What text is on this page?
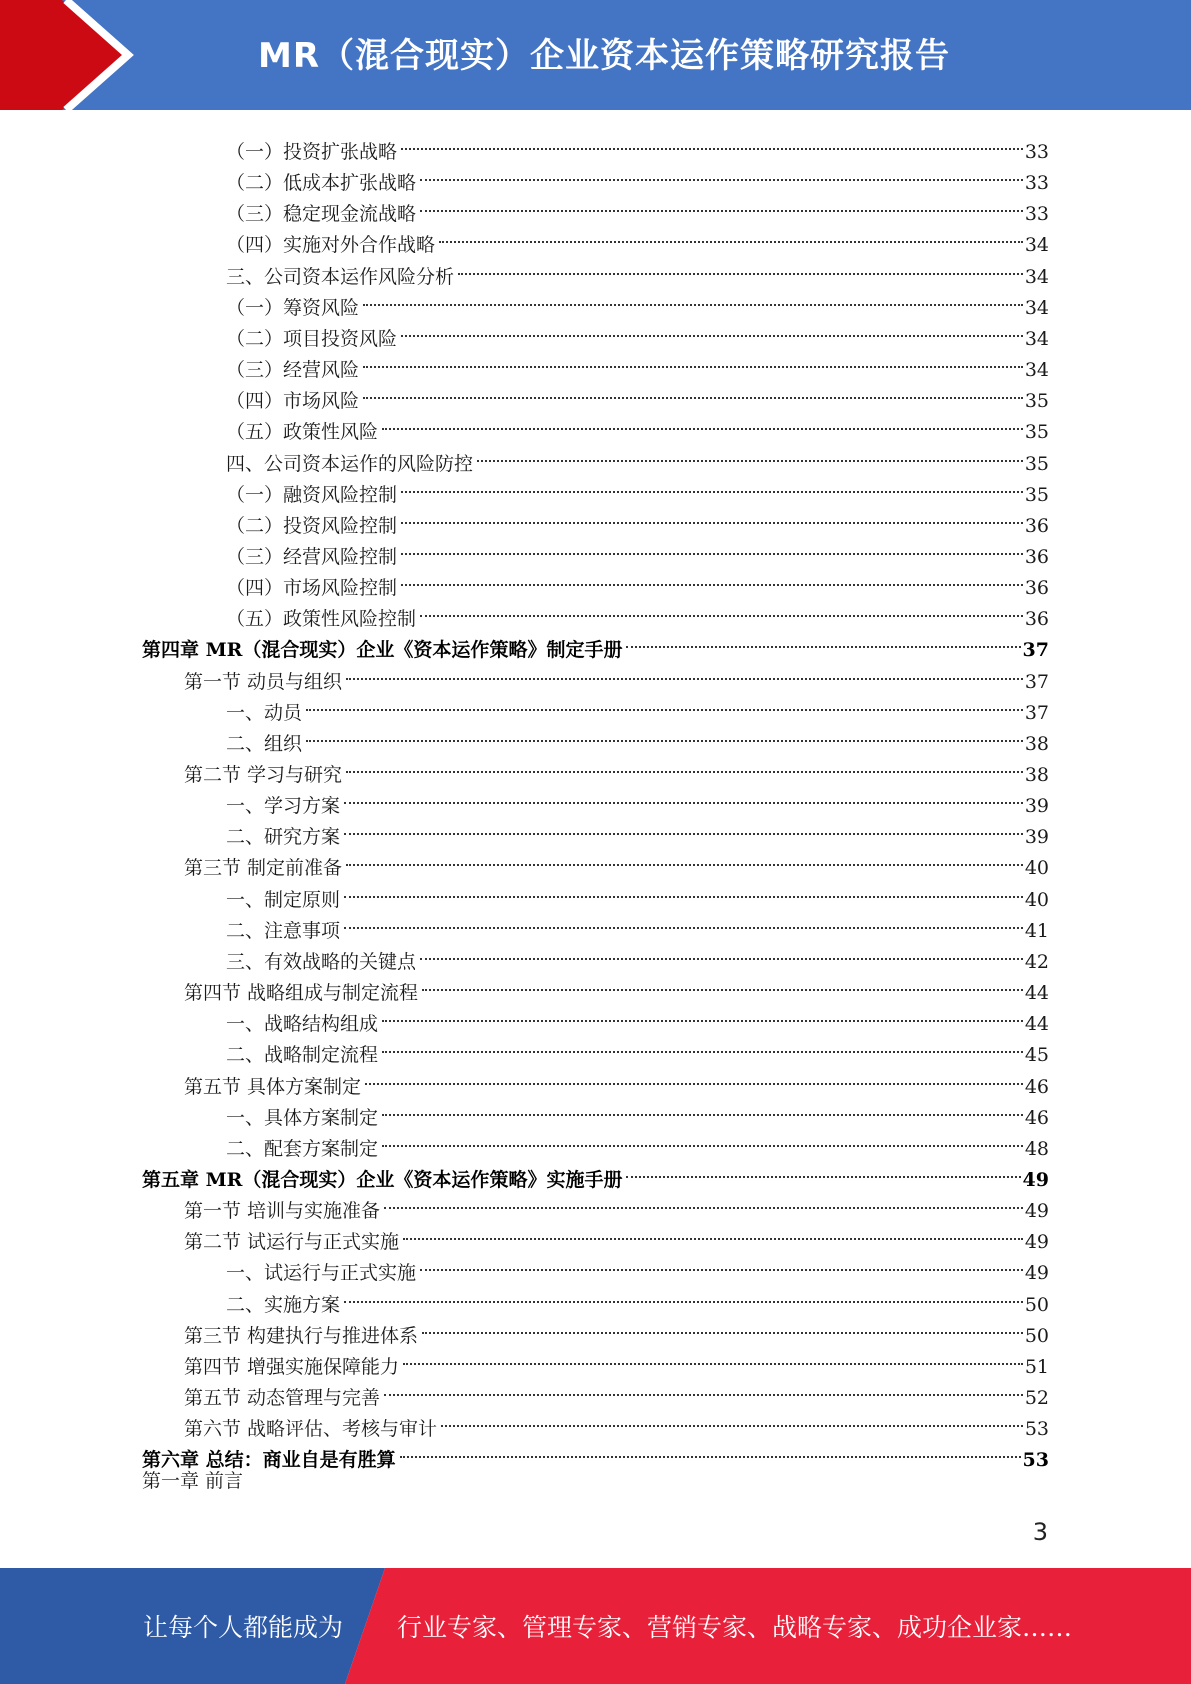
MR（混合现实）企业资本运作策略研究报告
（一）投资扩张战略	33
（二）低成本扩张战略	33
（三）稳定现金流战略	33
（四）实施对外合作战略	34
三、公司资本运作风险分析	34
（一）筹资风险	34
（二）项目投资风险	34
（三）经营风险	34
（四）市场风险	35
（五）政策性风险	35
四、公司资本运作的风险防控	35
（一）融资风险控制	35
（二）投资风险控制	36
（三）经营风险控制	36
（四）市场风险控制	36
（五）政策性风险控制	36
第四章 MR（混合现实）企业《资本运作策略》制定手册	37
第一节 动员与组织	37
一、动员	37
二、组织	38
第二节 学习与研究	38
一、学习方案	39
二、研究方案	39
第三节 制定前准备	40
一、制定原则	40
二、注意事项	41
三、有效战略的关键点	42
第四节 战略组成与制定流程	44
一、战略结构组成	44
二、战略制定流程	45
第五节 具体方案制定	46
一、具体方案制定	46
二、配套方案制定	48
第五章 MR（混合现实）企业《资本运作策略》实施手册	49
第一节 培训与实施准备	49
第二节 试运行与正式实施	49
一、试运行与正式实施	49
二、实施方案	50
第三节 构建执行与推进体系	50
第四节 增强实施保障能力	51
第五节 动态管理与完善	52
第六节 战略评估、考核与审计	53
第六章 总结：商业自是有胜算	53
第一章 前言
3
让每个人都能成为 行业专家、管理专家、营销专家、战略专家、成功企业家……
